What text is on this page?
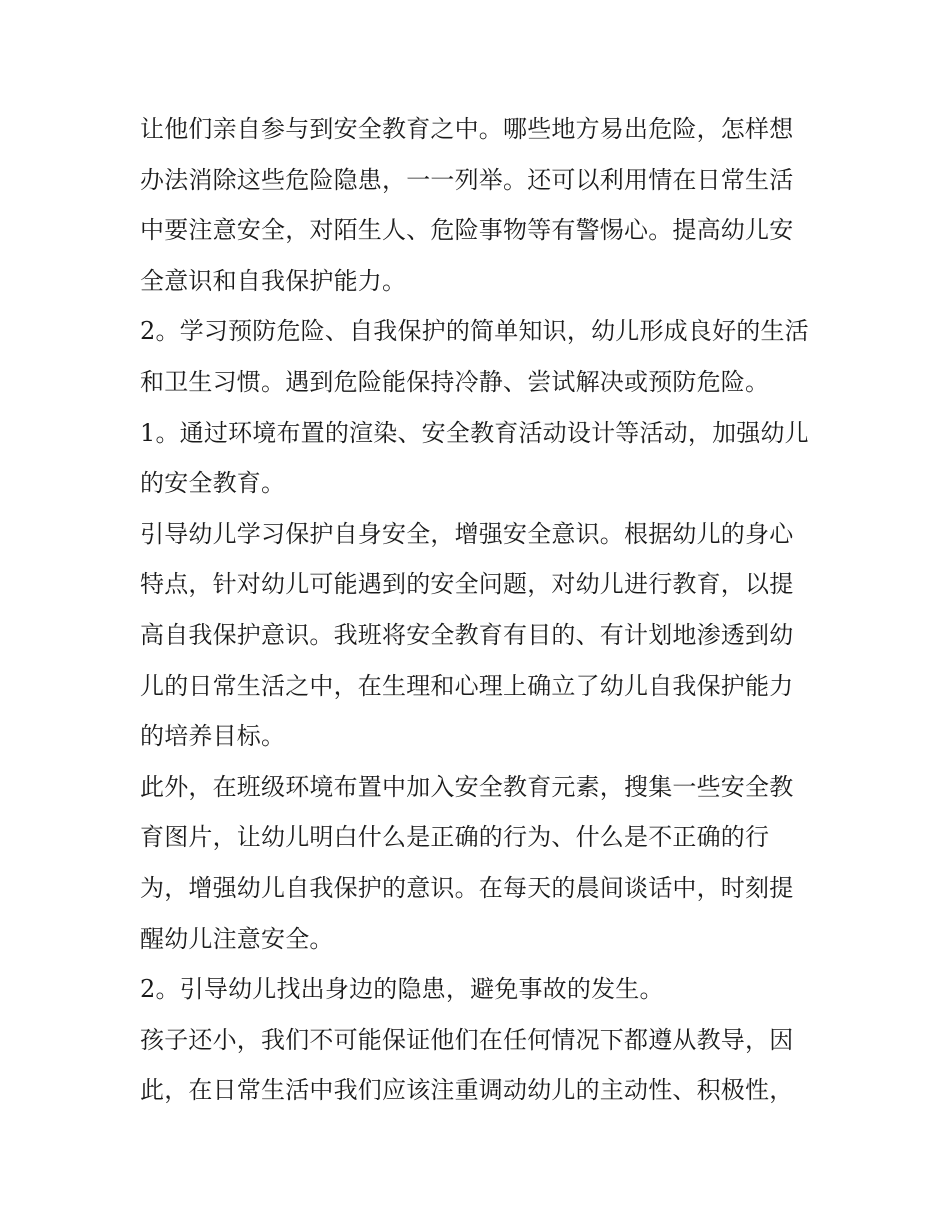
让他们亲自参与到安全教育之中。哪些地方易出危险，怎样想办法消除这些危险隐患，一一列举。还可以利用情在日常生活中要注意安全，对陌生人、危险事物等有警惕心。提高幼儿安全意识和自我保护能力。

2。学习预防危险、自我保护的简单知识，幼儿形成良好的生活和卫生习惯。遇到危险能保持冷静、尝试解决或预防危险。

1。通过环境布置的渲染、安全教育活动设计等活动，加强幼儿的安全教育。

引导幼儿学习保护自身安全，增强安全意识。根据幼儿的身心特点，针对幼儿可能遇到的安全问题，对幼儿进行教育，以提高自我保护意识。我班将安全教育有目的、有计划地渗透到幼儿的日常生活之中，在生理和心理上确立了幼儿自我保护能力的培养目标。

此外，在班级环境布置中加入安全教育元素，搜集一些安全教育图片，让幼儿明白什么是正确的行为、什么是不正确的行为，增强幼儿自我保护的意识。在每天的晨间谈话中，时刻提醒幼儿注意安全。

2。引导幼儿找出身边的隐患，避免事故的发生。

孩子还小，我们不可能保证他们在任何情况下都遵从教导，因此，在日常生活中我们应该注重调动幼儿的主动性、积极性，
